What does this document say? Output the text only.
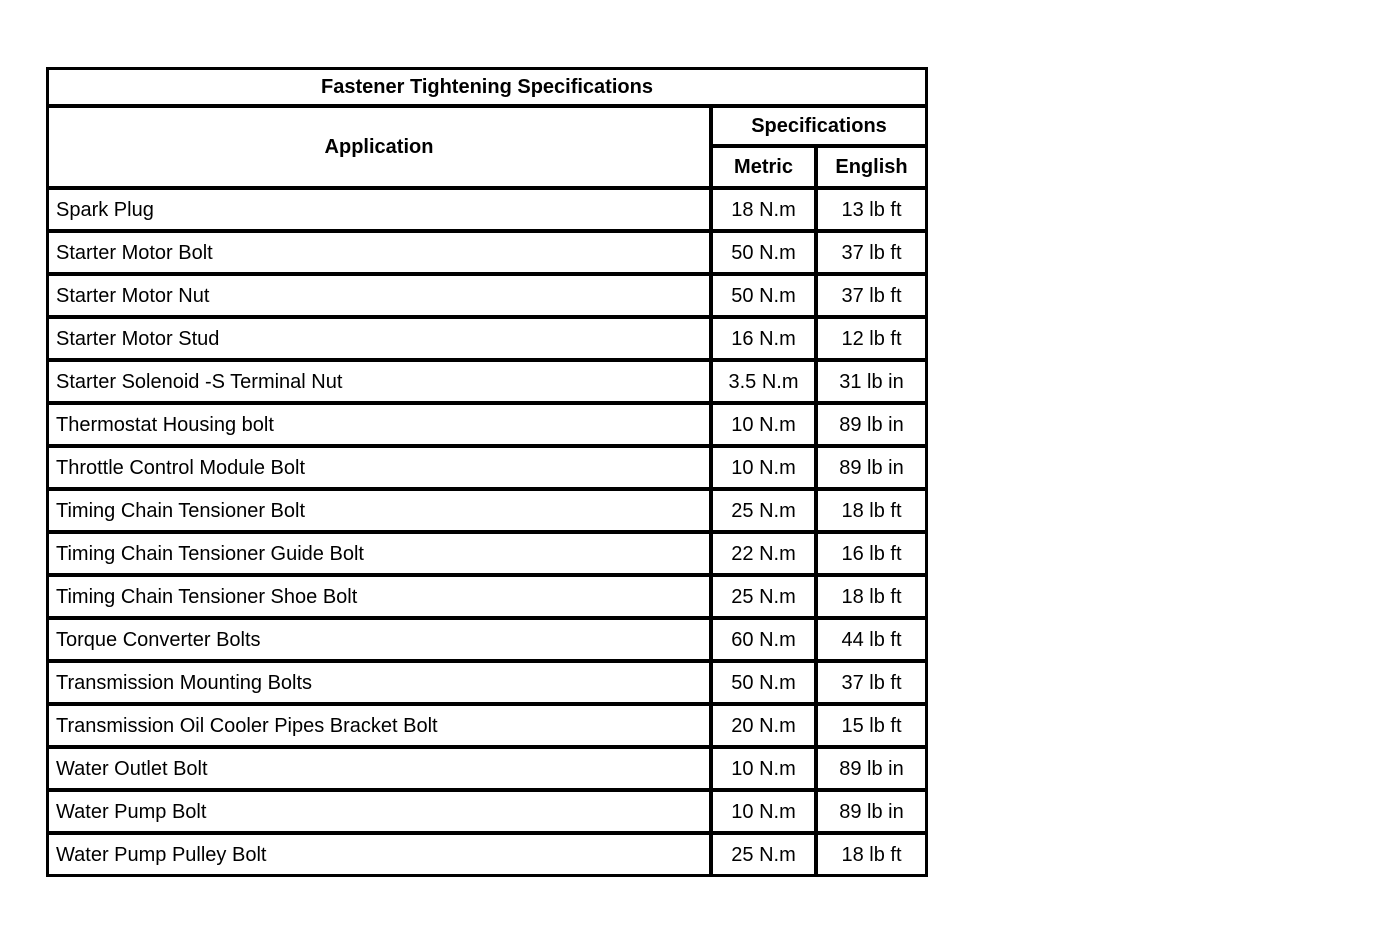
Fastener Tightening Specifications		
Application	Specifications	
	Metric	English
Spark Plug	18 N.m	13 lb ft
Starter Motor Bolt	50 N.m	37 lb ft
Starter Motor Nut	50 N.m	37 lb ft
Starter Motor Stud	16 N.m	12 lb ft
Starter Solenoid -S Terminal Nut	3.5 N.m	31 lb in
Thermostat Housing bolt	10 N.m	89 lb in
Throttle Control Module Bolt	10 N.m	89 lb in
Timing Chain Tensioner Bolt	25 N.m	18 lb ft
Timing Chain Tensioner Guide Bolt	22 N.m	16 lb ft
Timing Chain Tensioner Shoe Bolt	25 N.m	18 lb ft
Torque Converter Bolts	60 N.m	44 lb ft
Transmission Mounting Bolts	50 N.m	37 lb ft
Transmission Oil Cooler Pipes Bracket Bolt	20 N.m	15 lb ft
Water Outlet Bolt	10 N.m	89 lb in
Water Pump Bolt	10 N.m	89 lb in
Water Pump Pulley Bolt	25 N.m	18 lb ft
